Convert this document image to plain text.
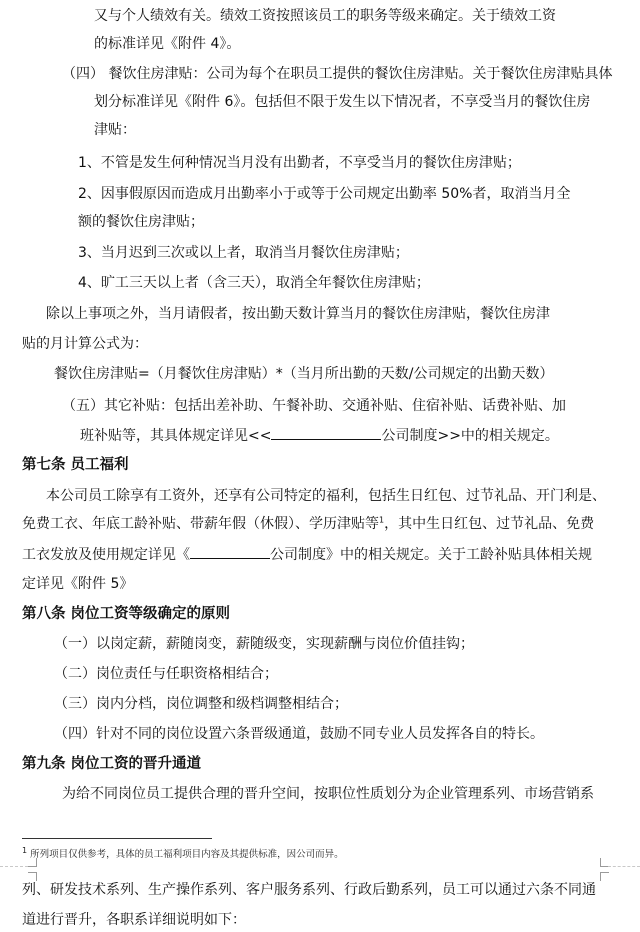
又与个人绩效有关。绩效工资按照该员工的职务等级来确定。关于绩效工资
的标准详见《附件 4》。
（四） 餐饮住房津贴：公司为每个在职员工提供的餐饮住房津贴。关于餐饮住房津贴具体
划分标准详见《附件 6》。包括但不限于发生以下情况者，不享受当月的餐饮住房
津贴：
1、不管是发生何种情况当月没有出勤者，不享受当月的餐饮住房津贴；
2、因事假原因而造成月出勤率小于或等于公司规定出勤率 50%者，取消当月全
额的餐饮住房津贴；
3、当月迟到三次或以上者，取消当月餐饮住房津贴；
4、旷工三天以上者（含三天），取消全年餐饮住房津贴；
除以上事项之外，当月请假者，按出勤天数计算当月的餐饮住房津贴，餐饮住房津
贴的月计算公式为：
餐饮住房津贴=（月餐饮住房津贴）*（当月所出勤的天数/公司规定的出勤天数）
（五）其它补贴：包括出差补助、午餐补助、交通补贴、住宿补贴、话费补贴、加
班补贴等，其具体规定详见<<	公司制度>>中的相关规定。
第七条 员工福利
本公司员工除享有工资外，还享有公司特定的福利，包括生日红包、过节礼品、开门利是、
免费工衣、年底工龄补贴、带薪年假（休假）、学历津贴等$^1$，其中生日红包、过节礼品、免费
工衣发放及使用规定详见《	公司制度》中的相关规定。关于工龄补贴具体相关规
定详见《附件 5》
第八条 岗位工资等级确定的原则
（一）以岗定薪，薪随岗变，薪随级变，实现薪酬与岗位价值挂钩；
（二）岗位责任与任职资格相结合；
（三）岗内分档，岗位调整和级档调整相结合；
（四）针对不同的岗位设置六条晋级通道，鼓励不同专业人员发挥各自的特长。
第九条 岗位工资的晋升通道
为给不同岗位员工提供合理的晋升空间，按职位性质划分为企业管理系列、市场营销系
$^1$ 所列项目仅供参考，具体的员工福利项目内容及其提供标准，因公司而异。
列、研发技术系列、生产操作系列、客户服务系列、行政后勤系列，员工可以通过六条不同通
道进行晋升，各职系详细说明如下：
